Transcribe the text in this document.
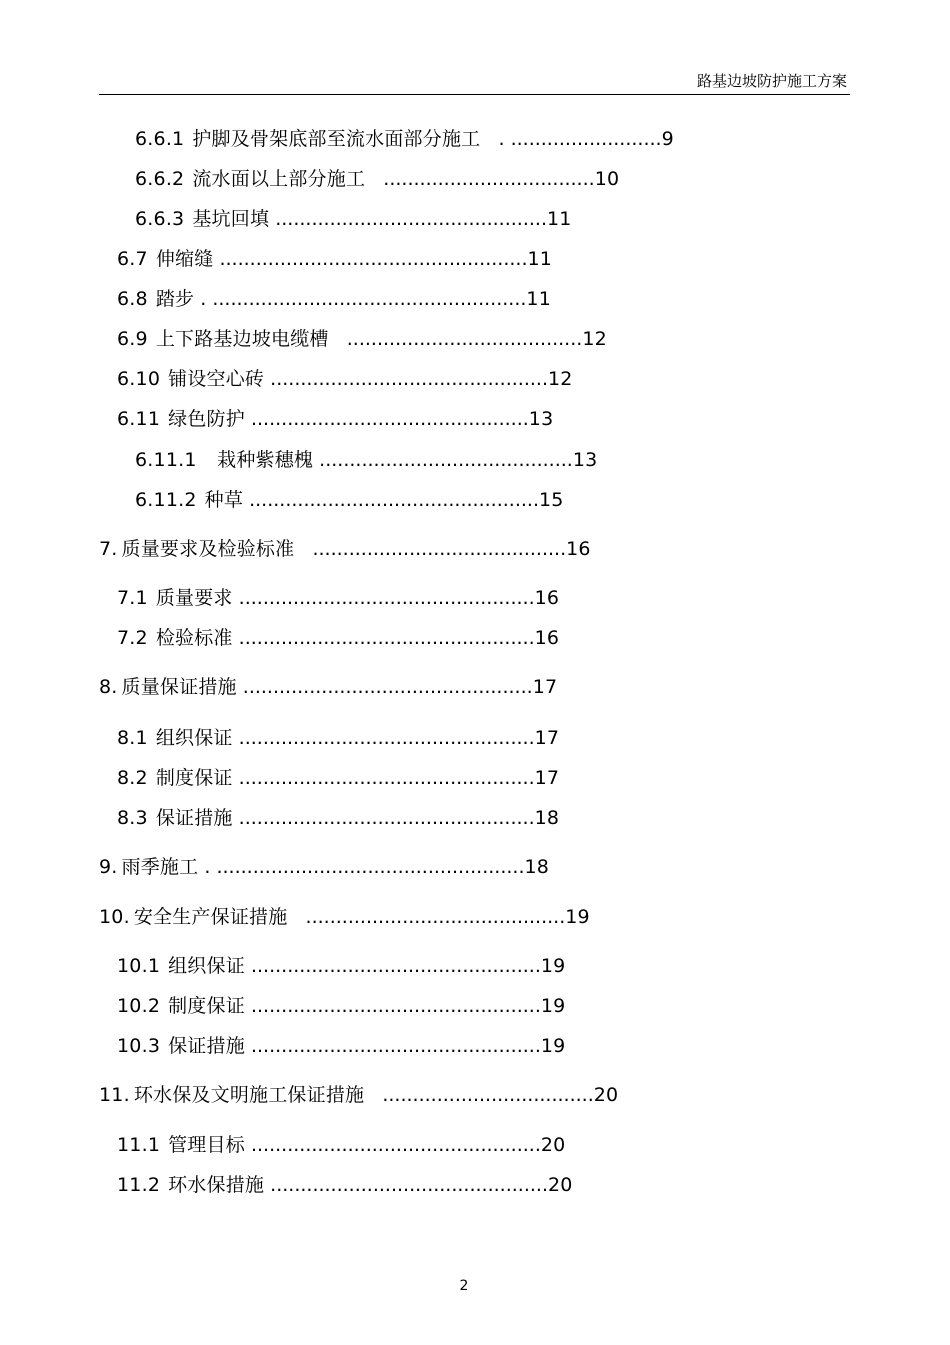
路基边坡防护施工方案
6.6.1 护脚及骨架底部至流水面部分施工   . .........................9
6.6.2 流水面以上部分施工   ...................................10
6.6.3 基坑回填 .............................................11
6.7 伸缩缝 ...................................................11
6.8 踏步 . ....................................................11
6.9 上下路基边坡电缆槽   .......................................12
6.10 铺设空心砖 ..............................................12
6.11 绿色防护 ..............................................13
6.11.1  栽种紫穗槐 ..........................................13
6.11.2 种草 ................................................15
7. 质量要求及检验标准   ..........................................16
7.1 质量要求 .................................................16
7.2 检验标准 .................................................16
8. 质量保证措施 ................................................17
8.1 组织保证 .................................................17
8.2 制度保证 .................................................17
8.3 保证措施 .................................................18
9. 雨季施工 . ...................................................18
10. 安全生产保证措施   ...........................................19
10.1 组织保证 ................................................19
10.2 制度保证 ................................................19
10.3 保证措施 ................................................19
11. 环水保及文明施工保证措施   ...................................20
11.1 管理目标 ................................................20
11.2 环水保措施 ..............................................20
2
